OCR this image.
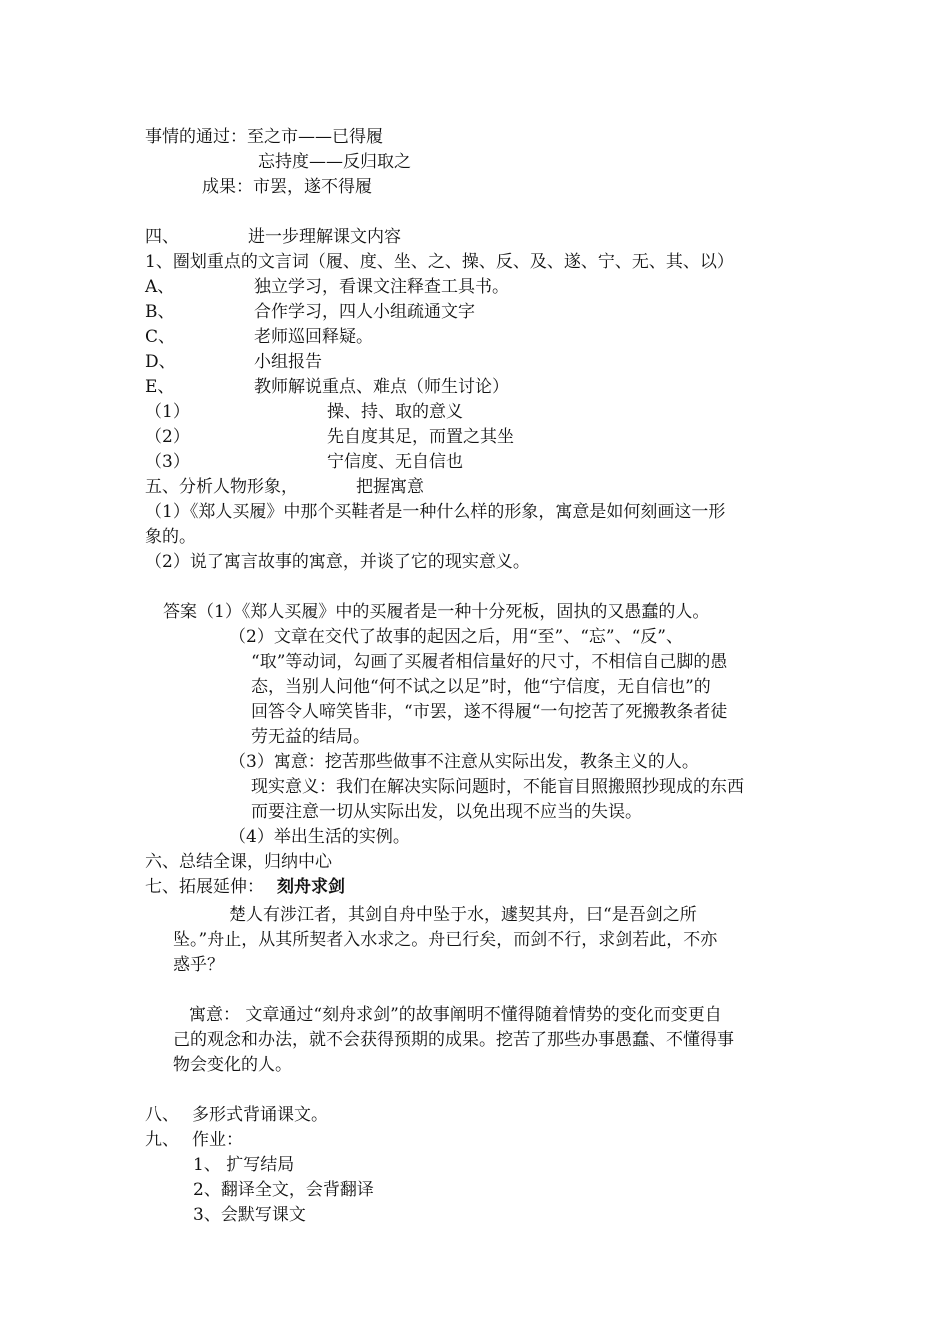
事情的通过：至之市——已得履
忘持度——反归取之
成果：市罢，遂不得履
四、	进一步理解课文内容
1、圈划重点的文言词（履、度、坐、之、操、反、及、遂、宁、无、其、以）
A、	独立学习，看课文注释查工具书。
B、	合作学习，四人小组疏通文字
C、	老师巡回释疑。
D、	小组报告
E、	教师解说重点、难点（师生讨论）
（1）	操、持、取的意义
（2）	先自度其足，而置之其坐
（3）	宁信度、无自信也
五、分析人物形象，	把握寓意
（1）《郑人买履》中那个买鞋者是一种什么样的形象，寓意是如何刻画这一形
象的。
（2）说了寓言故事的寓意，并谈了它的现实意义。
答案（1）《郑人买履》中的买履者是一种十分死板，固执的又愚蠢的人。
（2）文章在交代了故事的起因之后，用“至”、“忘”、“反”、
“取”等动词，勾画了买履者相信量好的尺寸，不相信自己脚的愚
态，当别人问他“何不试之以足”时，他“宁信度，无自信也”的
回答令人啼笑皆非，“市罢，遂不得履“一句挖苦了死搬教条者徒
劳无益的结局。
（3）寓意：挖苦那些做事不注意从实际出发，教条主义的人。
现实意义：我们在解决实际问题时，不能盲目照搬照抄现成的东西
而要注意一切从实际出发，以免出现不应当的失误。
（4）举出生活的实例。
六、总结全课，归纳中心
七、拓展延伸： 刻舟求剑
楚人有涉江者，其剑自舟中坠于水，遽契其舟，曰“是吾剑之所
坠。”舟止，从其所契者入水求之。舟已行矣，而剑不行，求剑若此，不亦
惑乎？
寓意： 文章通过“刻舟求剑”的故事阐明不懂得随着情势的变化而变更自
己的观念和办法，就不会获得预期的成果。挖苦了那些办事愚蠢、不懂得事
物会变化的人。
八、 多形式背诵课文。
九、 作业：
1、 扩写结局
2、翻译全文，会背翻译
3、会默写课文
